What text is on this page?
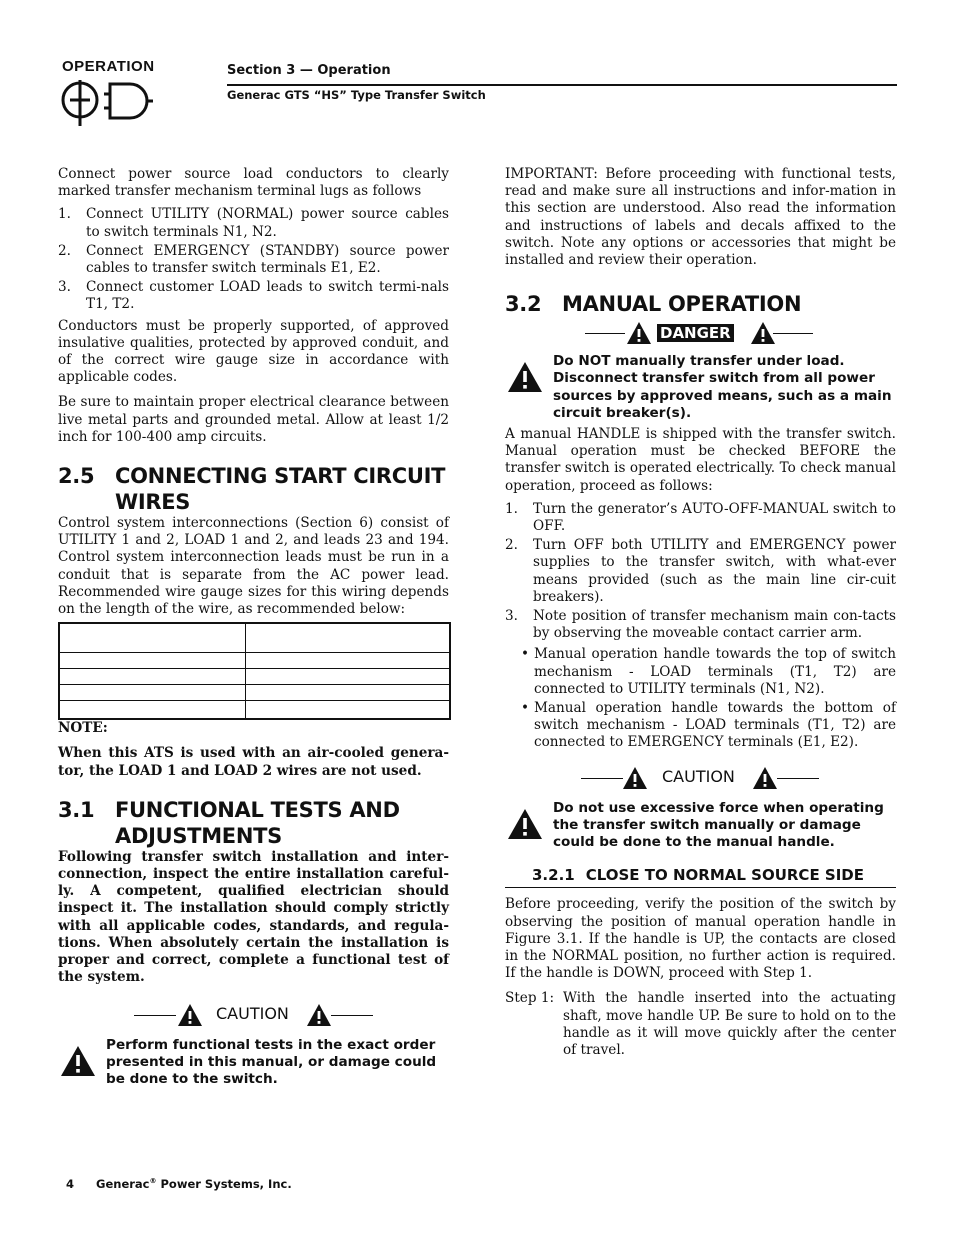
OPERATION	Section 3 — Operation
Generac GTS “HS” Type Transfer Switch

Connect power source load conductors to clearly marked transfer mechanism terminal lugs as follows

1. Connect UTILITY (NORMAL) power source cables to switch terminals N1, N2.
2. Connect EMERGENCY (STANDBY) source power cables to transfer switch terminals E1, E2.
3. Connect customer LOAD leads to switch termi-nals T1, T2.

Conductors must be properly supported, of approved insulative qualities, protected by approved conduit, and of the correct wire gauge size in accordance with applicable codes.

Be sure to maintain proper electrical clearance between live metal parts and grounded metal. Allow at least 1/2 inch for 100-400 amp circuits.

2.5 CONNECTING START CIRCUIT WIRES

Control system interconnections (Section 6) consist of UTILITY 1 and 2, LOAD 1 and 2, and leads 23 and 194. Control system interconnection leads must be run in a conduit that is separate from the AC power lead. Recommended wire gauge sizes for this wiring depends on the length of the wire, as recommended below:

NOTE:

When this ATS is used with an air-cooled genera-tor, the LOAD 1 and LOAD 2 wires are not used.

3.1 FUNCTIONAL TESTS AND ADJUSTMENTS

Following transfer switch installation and inter-connection, inspect the entire installation careful-ly. A competent, qualified electrician should inspect it. The installation should comply strictly with all applicable codes, standards, and regula-tions. When absolutely certain the installation is proper and correct, complete a functional test of the system.

CAUTION
Perform functional tests in the exact order presented in this manual, or damage could be done to the switch.

IMPORTANT: Before proceeding with functional tests, read and make sure all instructions and infor-mation in this section are understood. Also read the information and instructions of labels and decals affixed to the switch. Note any options or accessories that might be installed and review their operation.

3.2 MANUAL OPERATION
DANGER
Do NOT manually transfer under load. Disconnect transfer switch from all power sources by approved means, such as a main circuit breaker(s).

A manual HANDLE is shipped with the transfer switch. Manual operation must be checked BEFORE the transfer switch is operated electrically. To check manual operation, proceed as follows:

1. Turn the generator’s AUTO-OFF-MANUAL switch to OFF.
2. Turn OFF both UTILITY and EMERGENCY power supplies to the transfer switch, with what-ever means provided (such as the main line cir-cuit breakers).
3. Note position of transfer mechanism main con-tacts by observing the moveable contact carrier arm.
• Manual operation handle towards the top of switch mechanism - LOAD terminals (T1, T2) are connected to UTILITY terminals (N1, N2).
• Manual operation handle towards the bottom of switch mechanism - LOAD terminals (T1, T2) are connected to EMERGENCY terminals (E1, E2).
CAUTION
Do not use excessive force when operating the transfer switch manually or damage could be done to the manual handle.
3.2.1 CLOSE TO NORMAL SOURCE SIDE

Before proceeding, verify the position of the switch by observing the position of manual operation handle in Figure 3.1. If the handle is UP, the contacts are closed in the NORMAL position, no further action is required. If the handle is DOWN, proceed with Step 1.

Step 1: With the handle inserted into the actuating shaft, move handle UP. Be sure to hold on to the handle as it will move quickly after the center of travel.
4 Generac® Power Systems, Inc.
